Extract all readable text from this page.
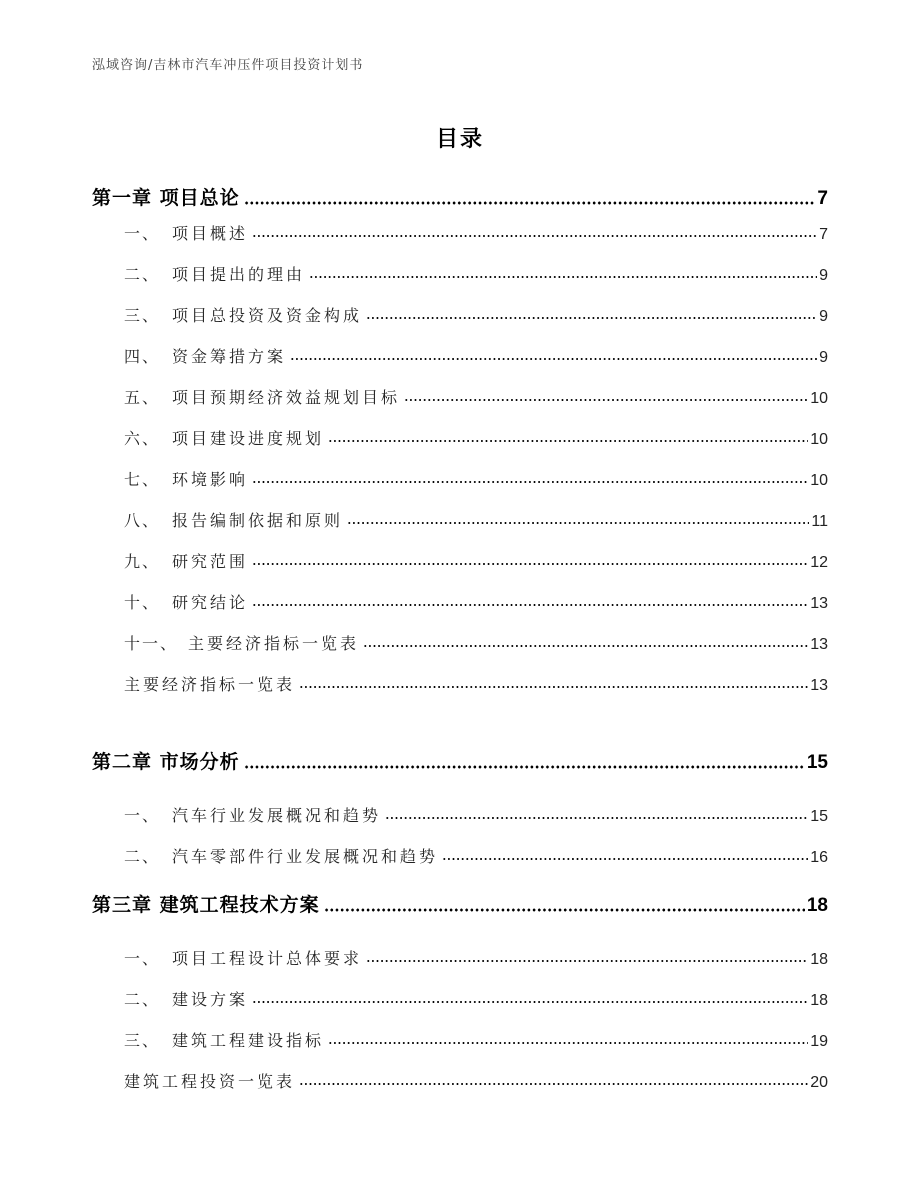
泓域咨询/吉林市汽车冲压件项目投资计划书
目录
第一章 项目总论	7
一、 项目概述	7
二、 项目提出的理由	9
三、 项目总投资及资金构成	9
四、 资金筹措方案	9
五、 项目预期经济效益规划目标	10
六、 项目建设进度规划	10
七、 环境影响	10
八、 报告编制依据和原则	11
九、 研究范围	12
十、 研究结论	13
十一、 主要经济指标一览表	13
主要经济指标一览表	13
第二章 市场分析	15
一、 汽车行业发展概况和趋势	15
二、 汽车零部件行业发展概况和趋势	16
第三章 建筑工程技术方案	18
一、 项目工程设计总体要求	18
二、 建设方案	18
三、 建筑工程建设指标	19
建筑工程投资一览表	20
